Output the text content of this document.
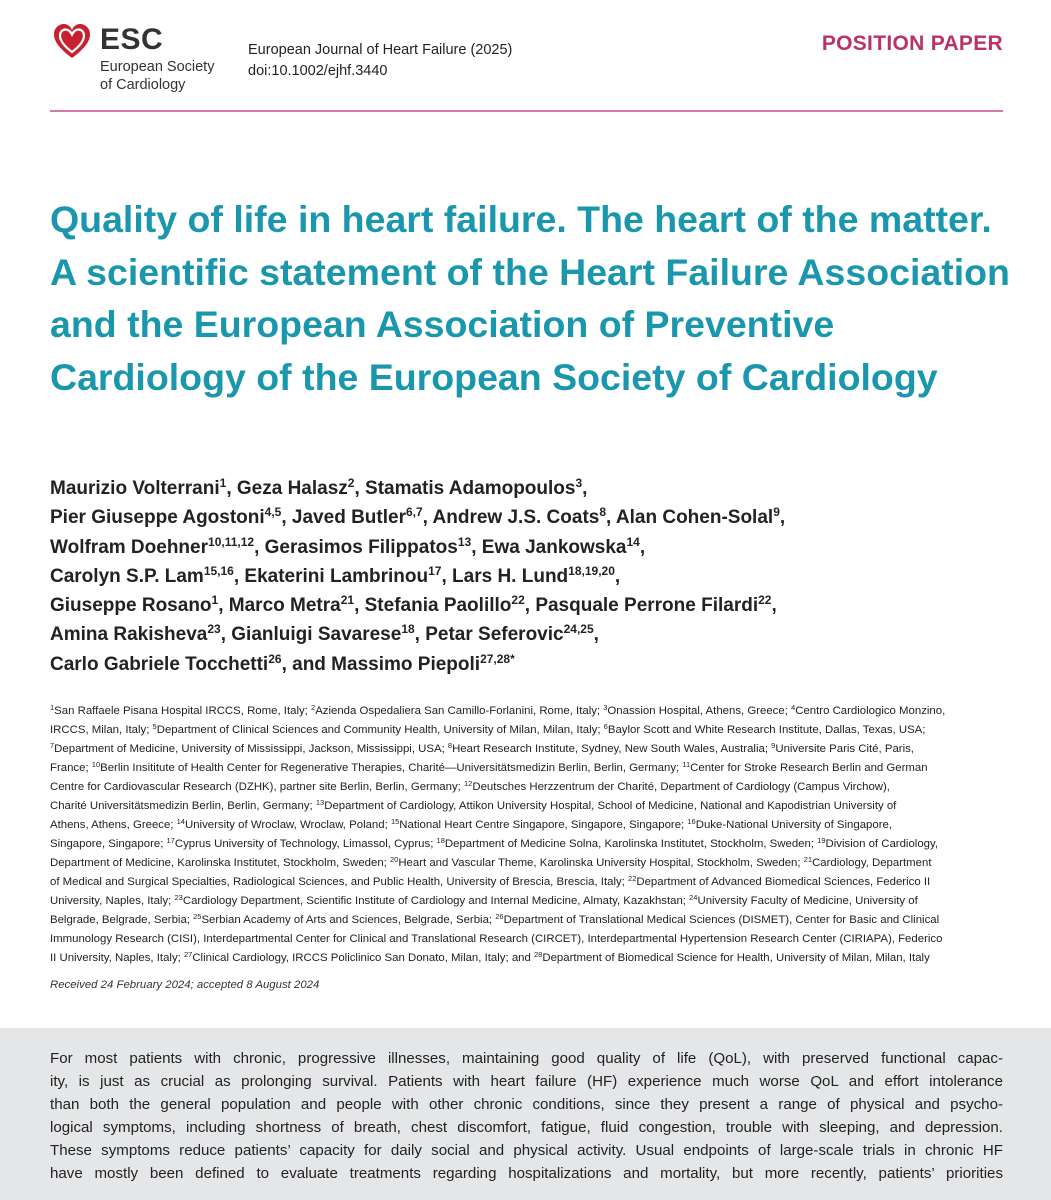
ESC
European Society
of Cardiology
European Journal of Heart Failure (2025)
doi:10.1002/ejhf.3440
POSITION PAPER
Quality of life in heart failure. The heart of the matter. A scientific statement of the Heart Failure Association and the European Association of Preventive Cardiology of the European Society of Cardiology
Maurizio Volterrani$^1$, Geza Halasz$^2$, Stamatis Adamopoulos$^3$,
Pier Giuseppe Agostoni$^{4,5}$, Javed Butler$^{6,7}$, Andrew J.S. Coats$^8$, Alan Cohen-Solal$^9$,
Wolfram Doehner$^{10,11,12}$, Gerasimos Filippatos$^{13}$, Ewa Jankowska$^{14}$,
Carolyn S.P. Lam$^{15,16}$, Ekaterini Lambrinou$^{17}$, Lars H. Lund$^{18,19,20}$,
Giuseppe Rosano$^1$, Marco Metra$^{21}$, Stefania Paolillo$^{22}$, Pasquale Perrone Filardi$^{22}$,
Amina Rakisheva$^{23}$, Gianluigi Savarese$^{18}$, Petar Seferovic$^{24,25}$,
Carlo Gabriele Tocchetti$^{26}$, and Massimo Piepoli$^{27,28*}$
$^1$San Raffaele Pisana Hospital IRCCS, Rome, Italy; $^2$Azienda Ospedaliera San Camillo-Forlanini, Rome, Italy; $^3$Onassion Hospital, Athens, Greece; $^4$Centro Cardiologico Monzino,
IRCCS, Milan, Italy; $^5$Department of Clinical Sciences and Community Health, University of Milan, Milan, Italy; $^6$Baylor Scott and White Research Institute, Dallas, Texas, USA;
$^7$Department of Medicine, University of Mississippi, Jackson, Mississippi, USA; $^8$Heart Research Institute, Sydney, New South Wales, Australia; $^9$Universite Paris Cité, Paris,
France; $^{10}$Berlin Insititute of Health Center for Regenerative Therapies, Charité—Universitätsmedizin Berlin, Berlin, Germany; $^{11}$Center for Stroke Research Berlin and German
Centre for Cardiovascular Research (DZHK), partner site Berlin, Berlin, Germany; $^{12}$Deutsches Herzzentrum der Charité, Department of Cardiology (Campus Virchow),
Charité Universitätsmedizin Berlin, Berlin, Germany; $^{13}$Department of Cardiology, Attikon University Hospital, School of Medicine, National and Kapodistrian University of
Athens, Athens, Greece; $^{14}$University of Wroclaw, Wroclaw, Poland; $^{15}$National Heart Centre Singapore, Singapore, Singapore; $^{16}$Duke-National University of Singapore,
Singapore, Singapore; $^{17}$Cyprus University of Technology, Limassol, Cyprus; $^{18}$Department of Medicine Solna, Karolinska Institutet, Stockholm, Sweden; $^{19}$Division of Cardiology,
Department of Medicine, Karolinska Institutet, Stockholm, Sweden; $^{20}$Heart and Vascular Theme, Karolinska University Hospital, Stockholm, Sweden; $^{21}$Cardiology, Department
of Medical and Surgical Specialties, Radiological Sciences, and Public Health, University of Brescia, Brescia, Italy; $^{22}$Department of Advanced Biomedical Sciences, Federico II
University, Naples, Italy; $^{23}$Cardiology Department, Scientific Institute of Cardiology and Internal Medicine, Almaty, Kazakhstan; $^{24}$University Faculty of Medicine, University of
Belgrade, Belgrade, Serbia; $^{25}$Serbian Academy of Arts and Sciences, Belgrade, Serbia; $^{26}$Department of Translational Medical Sciences (DISMET), Center for Basic and Clinical
Immunology Research (CISI), Interdepartmental Center for Clinical and Translational Research (CIRCET), Interdepartmental Hypertension Research Center (CIRIAPA), Federico
II University, Naples, Italy; $^{27}$Clinical Cardiology, IRCCS Policlinico San Donato, Milan, Italy; and $^{28}$Department of Biomedical Science for Health, University of Milan, Milan, Italy
Received 24 February 2024; accepted 8 August 2024
For most patients with chronic, progressive illnesses, maintaining good quality of life (QoL), with preserved functional capac-
ity, is just as crucial as prolonging survival. Patients with heart failure (HF) experience much worse QoL and effort intolerance
than both the general population and people with other chronic conditions, since they present a range of physical and psycho-
logical symptoms, including shortness of breath, chest discomfort, fatigue, fluid congestion, trouble with sleeping, and depression.
These symptoms reduce patients’ capacity for daily social and physical activity. Usual endpoints of large-scale trials in chronic HF
have mostly been defined to evaluate treatments regarding hospitalizations and mortality, but more recently, patients’ priorities
